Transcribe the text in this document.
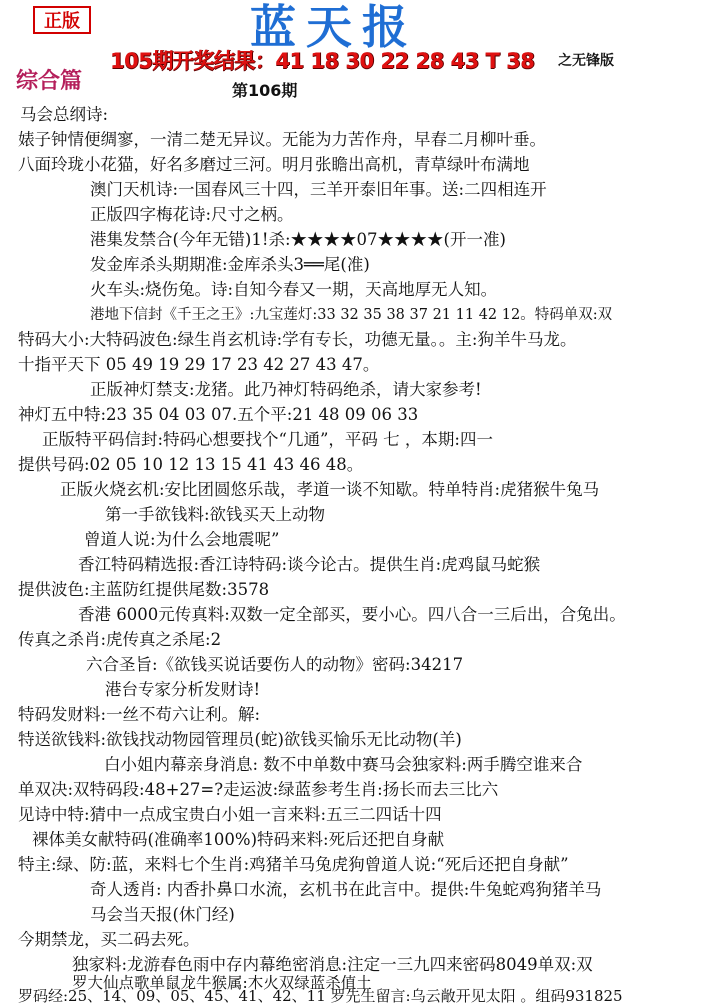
正版	蓝天报
105期开奖结果：41 18 30 22 28 43 T 38 之无锋版
综合篇	第106期
马会总纲诗:
婊子钟情便绸寥，一清二楚无异议。无能为力苦作舟，早春二月柳叶垂。
八面玲珑小花猫，好名多磨过三河。明月张瞻出高机，青草绿叶布满地
澳门天机诗:一国春风三十四，三羊开泰旧年事。送:二四相连开
正版四字梅花诗:尺寸之柄。
港集发禁合(今年无错)1!杀:★★★★07★★★★(开一准)
发金库杀头期期准:金库杀头3══尾(准)
火车头:烧伤兔。诗:自知今春又一期，天高地厚无人知。
港地下信封《千王之王》:九宝莲灯:33 32 35 38 37 21 11 42 12。特码单双:双
特码大小:大特码波色:绿生肖玄机诗:学有专长，功德无量。。主:狗羊牛马龙。
十指平天下 05 49 19 29 17 23 42 27 43 47。
正版神灯禁支:龙猪。此乃神灯特码绝杀，请大家参考!
神灯五中特:23 35 04 03 07.五个平:21 48 09 06 33
正版特平码信封:特码心想要找个“几通”，平码 七 ，本期:四一
提供号码:02 05 10 12 13 15 41 43 46 48。
正版火烧玄机:安比团圆悠乐哉，孝道一谈不知歇。特单特肖:虎猪猴牛兔马
第一手欲钱料:欲钱买天上动物
曾道人说:为什么会地震呢”
香江特码精选报:香江诗特码:谈今论古。提供生肖:虎鸡鼠马蛇猴
提供波色:主蓝防红提供尾数:3578
香港 6000元传真料:双数一定全部买，要小心。四八合一三后出，合兔出。
传真之杀肖:虎传真之杀尾:2
六合圣旨:《欲钱买说话要伤人的动物》密码:34217
港台专家分析发财诗!
特码发财料:一丝不苟六让利。解:
特送欲钱料:欲钱找动物园管理员(蛇)欲钱买愉乐无比动物(羊)
白小姐内幕亲身消息: 数不中单数中赛马会独家料:两手腾空谁来合
单双决:双特码段:48+27=?走运波:绿蓝参考生肖:扬长而去三比六
见诗中特:猜中一点成宝贵白小姐一言来料:五三二四话十四
裸体美女献特码(准确率100%)特码来料:死后还把自身献
特主:绿、防:蓝，来料七个生肖:鸡猪羊马兔虎狗曾道人说:“死后还把自身献”
奇人透肖: 内香扑鼻口水流，玄机书在此言中。提供:牛兔蛇鸡狗猪羊马
马会当天报(休门经)
今期禁龙，买二码去死。
独家料:龙游春色雨中存内幕绝密消息:注定一三九四来密码8049单双:双
罗大仙点歌单鼠龙牛猴属:木火双绿蓝杀值土
罗码经:25、14、09、05、45、41、42、11 罗先生留言:乌云敞开见太阳 。组码931825
